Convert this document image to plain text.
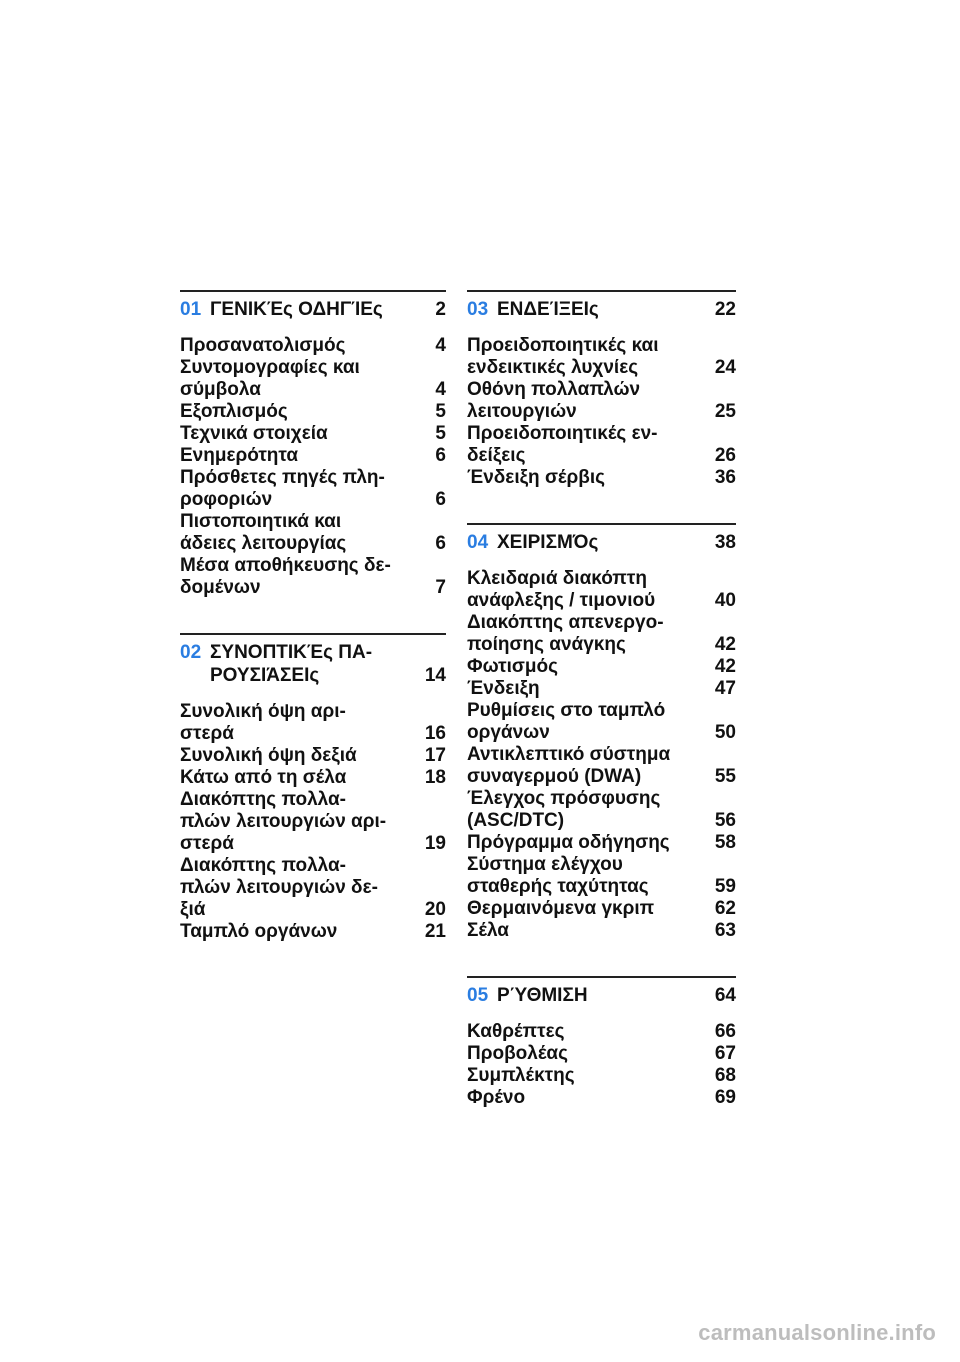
01 ΓΕΝΙΚΈς ΟΔΗΓΊΕς	2
Προσανατολισμός	4
Συντομογραφίες και
σύμβολα	4
Εξοπλισμός	5
Τεχνικά στοιχεία	5
Ενημερότητα	6
Πρόσθετες πηγές πλη-
ροφοριών	6
Πιστοποιητικά και
άδειες λειτουργίας	6
Μέσα αποθήκευσης δε-
δομένων	7
02 ΣΥΝΟΠΤΙΚΈς ΠΑ-
ΡΟΥΣΙΆΣΕΙς	14
Συνολική όψη αρι-
στερά	16
Συνολική όψη δεξιά	17
Κάτω από τη σέλα	18
Διακόπτης πολλα-
πλών λειτουργιών αρι-
στερά	19
Διακόπτης πολλα-
πλών λειτουργιών δε-
ξιά	20
Ταμπλό οργάνων	21
03 ΕΝΔΕΊΞΕΙς	22
Προειδοποιητικές και
ενδεικτικές λυχνίες	24
Οθόνη πολλαπλών
λειτουργιών	25
Προειδοποιητικές εν-
δείξεις	26
Ένδειξη σέρβις	36
04 ΧΕΙΡΙΣΜΌς	38
Κλειδαριά διακόπτη
ανάφλεξης / τιμονιού	40
Διακόπτης απενεργο-
ποίησης ανάγκης	42
Φωτισμός	42
Ένδειξη	47
Ρυθμίσεις στο ταμπλό
οργάνων	50
Αντικλεπτικό σύστημα
συναγερμού (DWA)	55
Έλεγχος πρόσφυσης
(ASC/DTC)	56
Πρόγραμμα οδήγησης	58
Σύστημα ελέγχου
σταθερής ταχύτητας	59
Θερμαινόμενα γκριπ	62
Σέλα	63
05 ΡΎΘΜΙΣΗ	64
Καθρέπτες	66
Προβολέας	67
Συμπλέκτης	68
Φρένο	69
carmanualsonline.info
